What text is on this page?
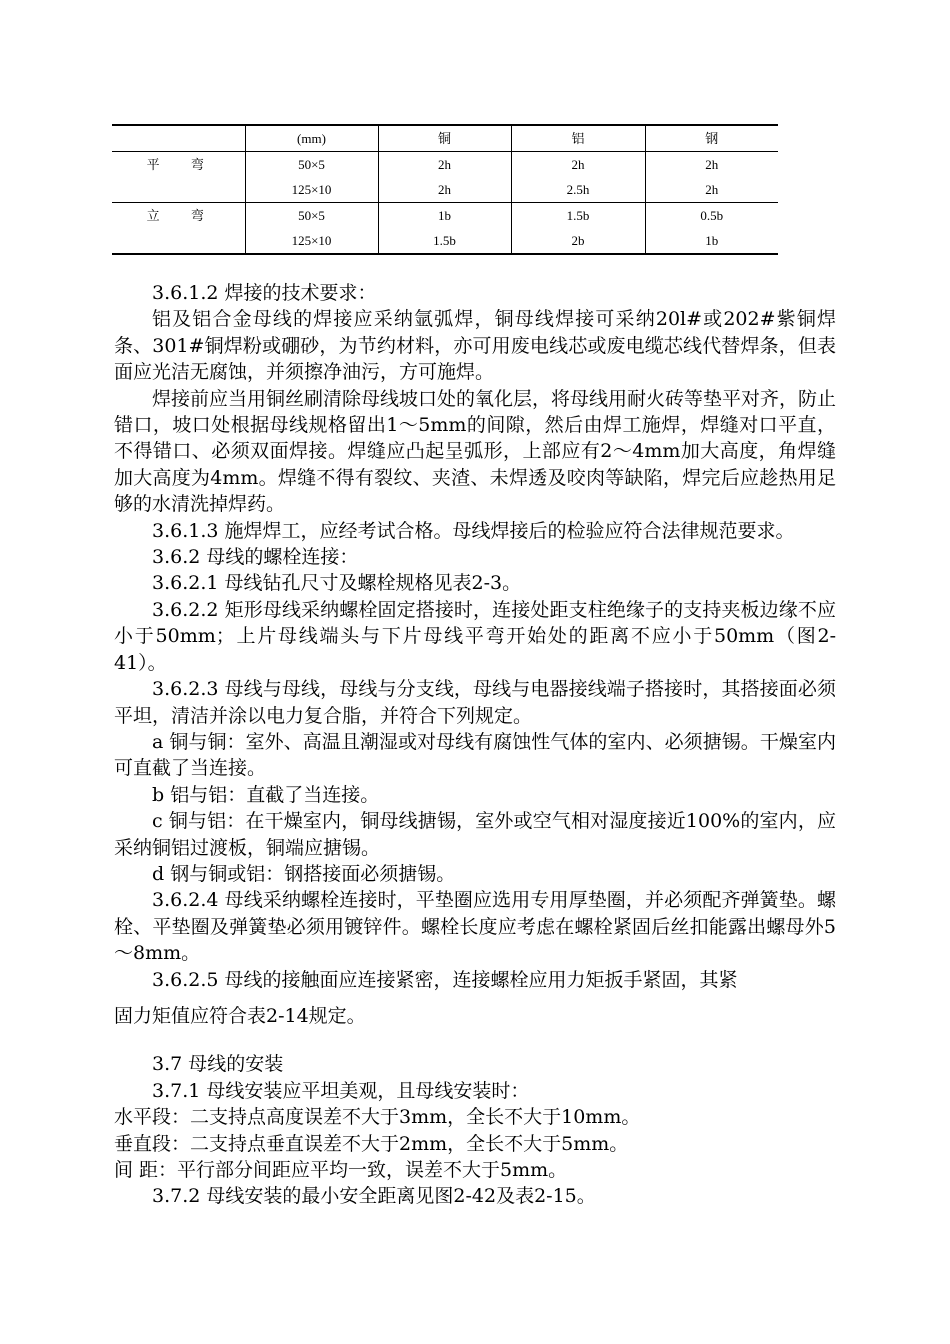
	(mm)	铜	铝	钢
平 弯	50×5	2h	2h	2h
	125×10	2h	2.5h	2h
立 弯	50×5	1b	1.5b	0.5b
	125×10	1.5b	2b	1b

3.6.1.2 焊接的技术要求：

铝及铝合金母线的焊接应采纳氩弧焊，铜母线焊接可采纳20l#或202#紫铜焊条、301#铜焊粉或硼砂，为节约材料，亦可用废电线芯或废电缆芯线代替焊条，但表面应光洁无腐蚀，并须擦净油污，方可施焊。

焊接前应当用铜丝刷清除母线坡口处的氧化层，将母线用耐火砖等垫平对齐，防止错口，坡口处根据母线规格留出1～5mm的间隙，然后由焊工施焊，焊缝对口平直，不得错口、必须双面焊接。焊缝应凸起呈弧形，上部应有2～4mm加大高度，角焊缝加大高度为4mm。焊缝不得有裂纹、夹渣、未焊透及咬肉等缺陷，焊完后应趁热用足够的水清洗掉焊药。

3.6.1.3 施焊焊工，应经考试合格。母线焊接后的检验应符合法律规范要求。

3.6.2 母线的螺栓连接：

3.6.2.1 母线钻孔尺寸及螺栓规格见表2-3。

3.6.2.2 矩形母线采纳螺栓固定搭接时，连接处距支柱绝缘子的支持夹板边缘不应小于50mm；上片母线端头与下片母线平弯开始处的距离不应小于50mm（图2-41）。

3.6.2.3 母线与母线，母线与分支线，母线与电器接线端子搭接时，其搭接面必须平坦，清洁并涂以电力复合脂，并符合下列规定。

a 铜与铜：室外、高温且潮湿或对母线有腐蚀性气体的室内、必须搪锡。干燥室内可直截了当连接。

b 铝与铝：直截了当连接。

c 铜与铝：在干燥室内，铜母线搪锡，室外或空气相对湿度接近100%的室内，应采纳铜铝过渡板，铜端应搪锡。

d 钢与铜或铝：钢搭接面必须搪锡。

3.6.2.4 母线采纳螺栓连接时，平垫圈应选用专用厚垫圈，并必须配齐弹簧垫。螺栓、平垫圈及弹簧垫必须用镀锌件。螺栓长度应考虑在螺栓紧固后丝扣能露出螺母外5～8mm。

3.6.2.5 母线的接触面应连接紧密，连接螺栓应用力矩扳手紧固，其紧

固力矩值应符合表2-14规定。

3.7 母线的安装

3.7.1 母线安装应平坦美观，且母线安装时：

水平段：二支持点高度误差不大于3mm，全长不大于10mm。

垂直段：二支持点垂直误差不大于2mm，全长不大于5mm。

间 距：平行部分间距应平均一致，误差不大于5mm。

3.7.2 母线安装的最小安全距离见图2-42及表2-15。
